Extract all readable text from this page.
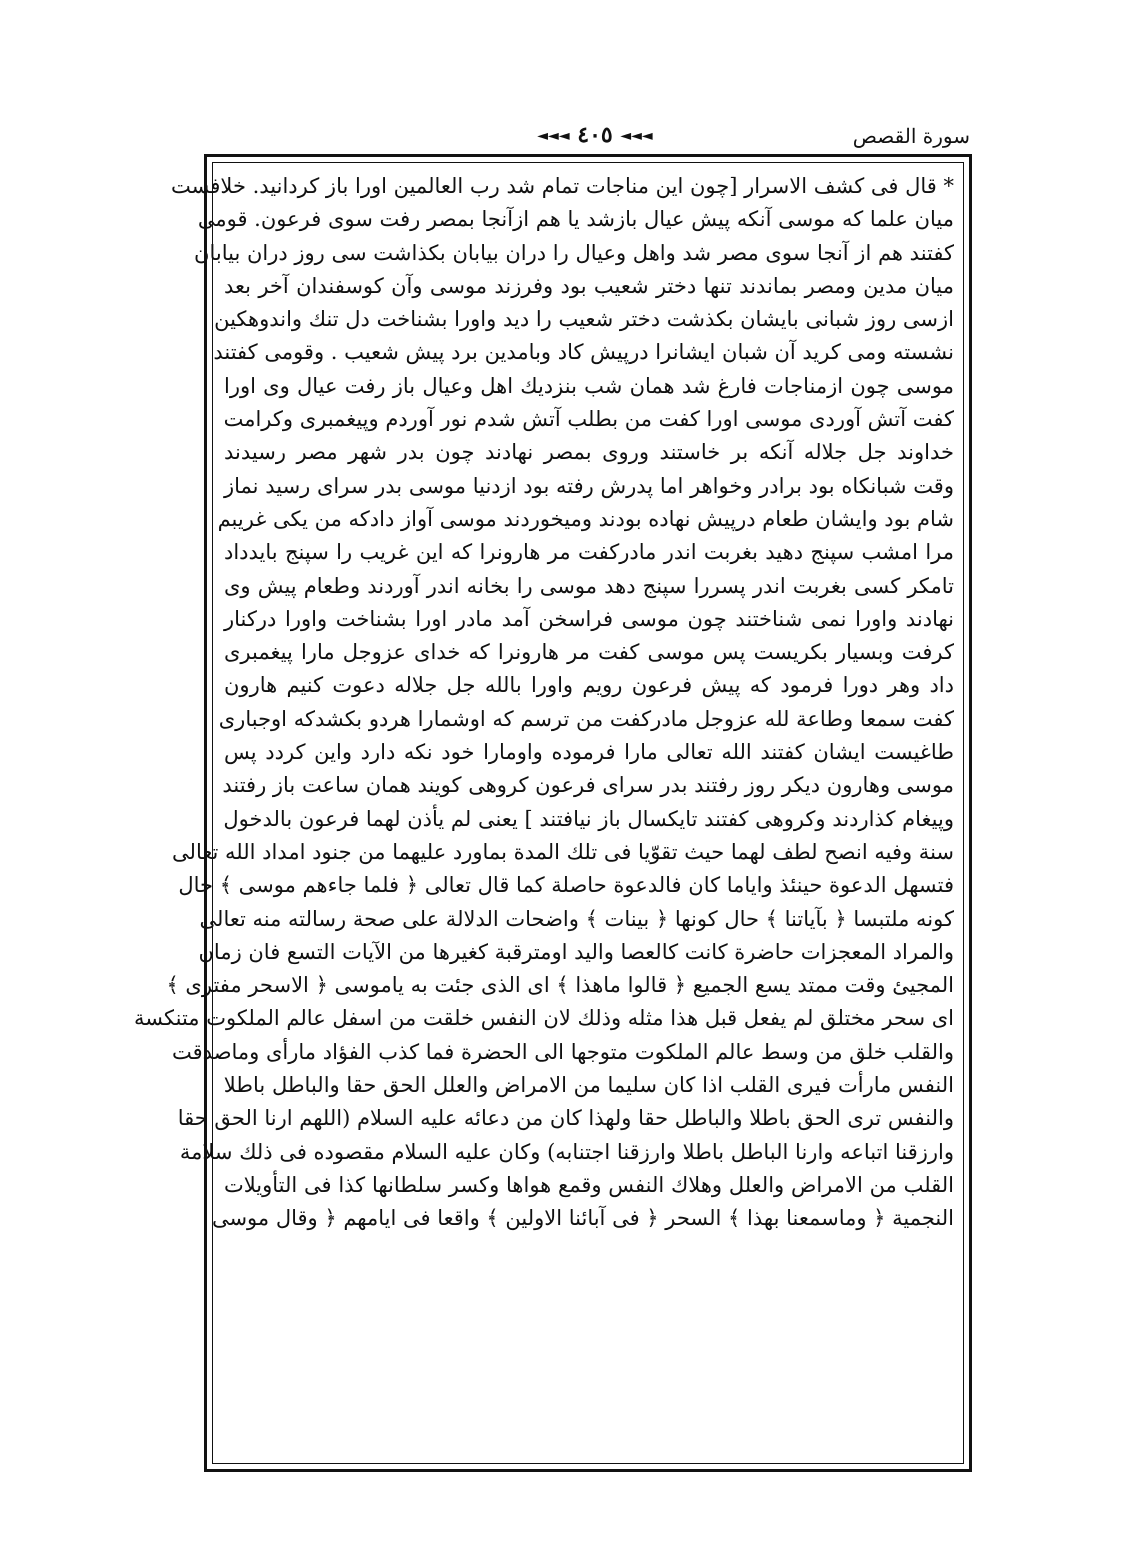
سورة القصص
◄◄◄ ٤٠٥ ◄◄◄
* قال فى كشف الاسرار [چون اين مناجات تمام شد رب العالمين اورا باز كردانيد. خلافست
ميان علما كه موسى آنكه پيش عيال بازشد يا هم ازآنجا بمصر رفت سوى فرعون. قومى
كفتند هم از آنجا سوى مصر شد واهل وعيال را دران بيابان بكذاشت سى روز دران بيابان
ميان مدين ومصر بماندند تنها دختر شعيب بود وفرزند موسى وآن كوسفندان آخر بعد
ازسى روز شبانى بايشان بكذشت دختر شعيب را ديد واورا بشناخت دل تنك واندوهكين
نشسته ومى كريد آن شبان ايشانرا درپيش كاد وبامدين برد پيش شعيب . وقومى كفتند
موسى چون ازمناجات فارغ شد همان شب بنزديك اهل وعيال باز رفت عيال وى اورا
كفت آتش آوردى موسى اورا كفت من بطلب آتش شدم نور آوردم وپيغمبرى وكرامت
خداوند جل جلاله آنكه بر خاستند وروى بمصر نهادند چون بدر شهر مصر رسيدند
وقت شبانكاه بود برادر وخواهر اما پدرش رفته بود ازدنيا موسى بدر سراى رسيد نماز
شام بود وايشان طعام درپيش نهاده بودند وميخوردند موسى آواز دادكه من يكى غريبم
مرا امشب سپنج دهيد بغربت اندر مادركفت مر هارونرا كه اين غريب را سپنج بايدداد
تامكر كسى بغربت اندر پسررا سپنج دهد موسى را بخانه اندر آوردند وطعام پيش وى
نهادند واورا نمى شناختند چون موسى فراسخن آمد مادر اورا بشناخت واورا دركنار
كرفت وبسيار بكريست پس موسى كفت مر هارونرا كه خداى عزوجل مارا پيغمبرى
داد وهر دورا فرمود كه پيش فرعون رويم واورا بالله جل جلاله دعوت كنيم هارون
كفت سمعا وطاعة لله عزوجل مادركفت من ترسم كه اوشمارا هردو بكشدكه اوجبارى
طاغيست ايشان كفتند الله تعالى مارا فرموده واومارا خود نكه دارد واين كردد پس
موسى وهارون ديكر روز رفتند بدر سراى فرعون كروهى كويند همان ساعت باز رفتند
وپيغام كذاردند وكروهى كفتند تايكسال باز نيافتند ] يعنى لم يأذن لهما فرعون بالدخول
سنة وفيه انصح لطف لهما حيث تقوّيا فى تلك المدة بماورد عليهما من جنود امداد الله تعالى
فتسهل الدعوة حينئذ واياما كان فالدعوة حاصلة كما قال تعالى ﴿ فلما جاءهم موسى ﴾ حال
كونه ملتبسا ﴿ بآياتنا ﴾ حال كونها ﴿ بينات ﴾ واضحات الدلالة على صحة رسالته منه تعالى
والمراد المعجزات حاضرة كانت كالعصا واليد اومترقبة كغيرها من الآيات التسع فان زمان
المجيئ وقت ممتد يسع الجميع ﴿ قالوا ماهذا ﴾ اى الذى جئت به ياموسى ﴿ الاسحر مفترى ﴾
اى سحر مختلق لم يفعل قبل هذا مثله وذلك لان النفس خلقت من اسفل عالم الملكوت متنكسة
والقلب خلق من وسط عالم الملكوت متوجها الى الحضرة فما كذب الفؤاد مارأى وماصدقت
النفس مارأت فيرى القلب اذا كان سليما من الامراض والعلل الحق حقا والباطل باطلا
والنفس ترى الحق باطلا والباطل حقا ولهذا كان من دعائه عليه السلام (اللهم ارنا الحق حقا
وارزقنا اتباعه وارنا الباطل باطلا وارزقنا اجتنابه) وكان عليه السلام مقصوده فى ذلك سلامة
القلب من الامراض والعلل وهلاك النفس وقمع هواها وكسر سلطانها كذا فى التأويلات
النجمية ﴿ وماسمعنا بهذا ﴾ السحر ﴿ فى آبائنا الاولين ﴾ واقعا فى ايامهم ﴿ وقال موسى
